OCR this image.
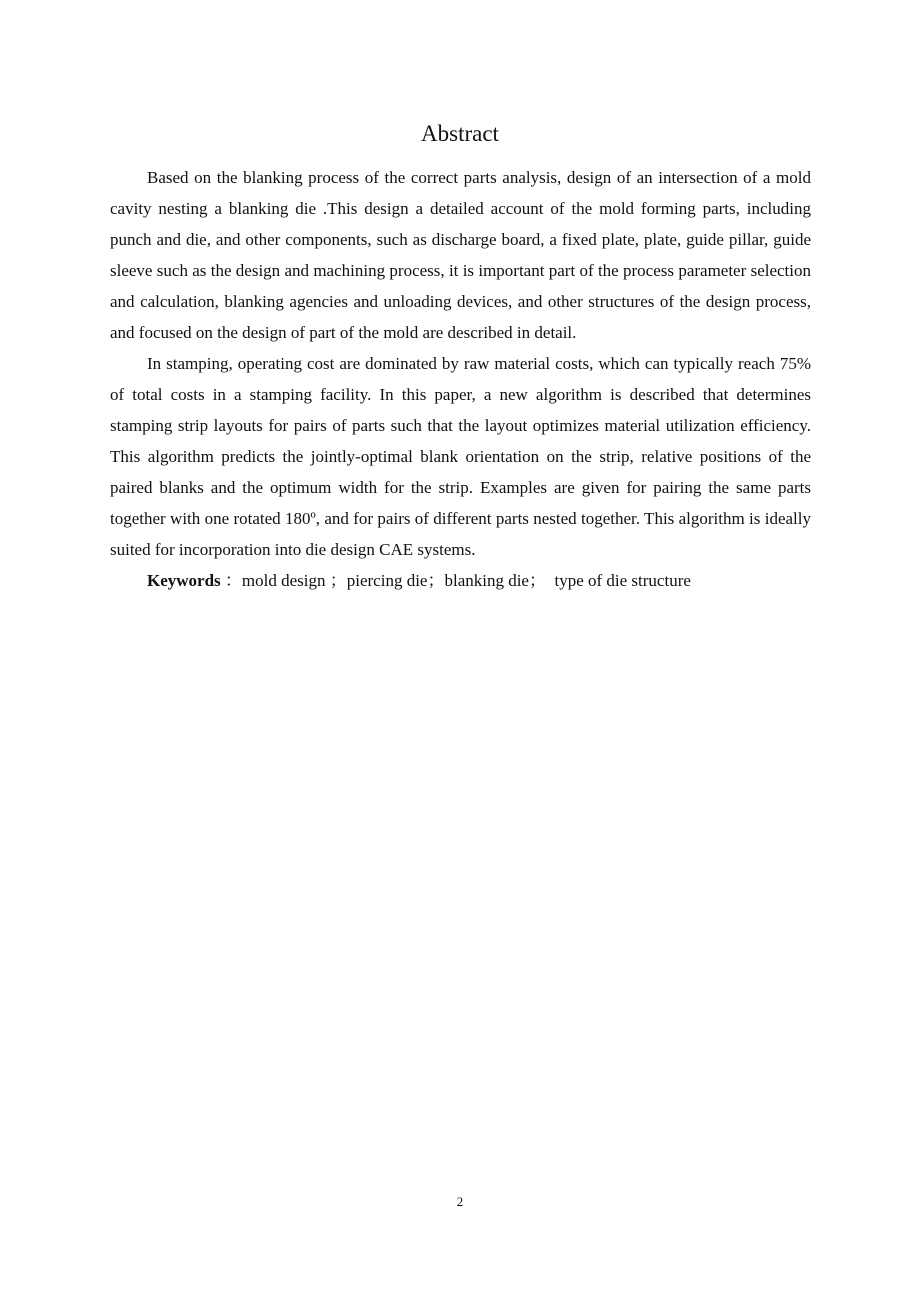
Abstract

Based on the blanking process of the correct parts analysis, design of an intersection of a mold cavity nesting a blanking die .This design a detailed account of the mold forming parts, including punch and die, and other components, such as discharge board, a fixed plate, plate, guide pillar, guide sleeve such as the design and machining process, it is important part of the process parameter selection and calculation, blanking agencies and unloading devices, and other structures of the design process, and focused on the design of part of the mold are described in detail.

In stamping, operating cost are dominated by raw material costs, which can typically reach 75% of total costs in a stamping facility. In this paper, a new algorithm is described that determines stamping strip layouts for pairs of parts such that the layout optimizes material utilization efficiency. This algorithm predicts the jointly-optimal blank orientation on the strip, relative positions of the paired blanks and the optimum width for the strip. Examples are given for pairing the same parts together with one rotated 180º, and for pairs of different parts nested together. This algorithm is ideally suited for incorporation into die design CAE systems.

Keywords ：mold design ；piercing die；blanking die；  type of die structure

2
